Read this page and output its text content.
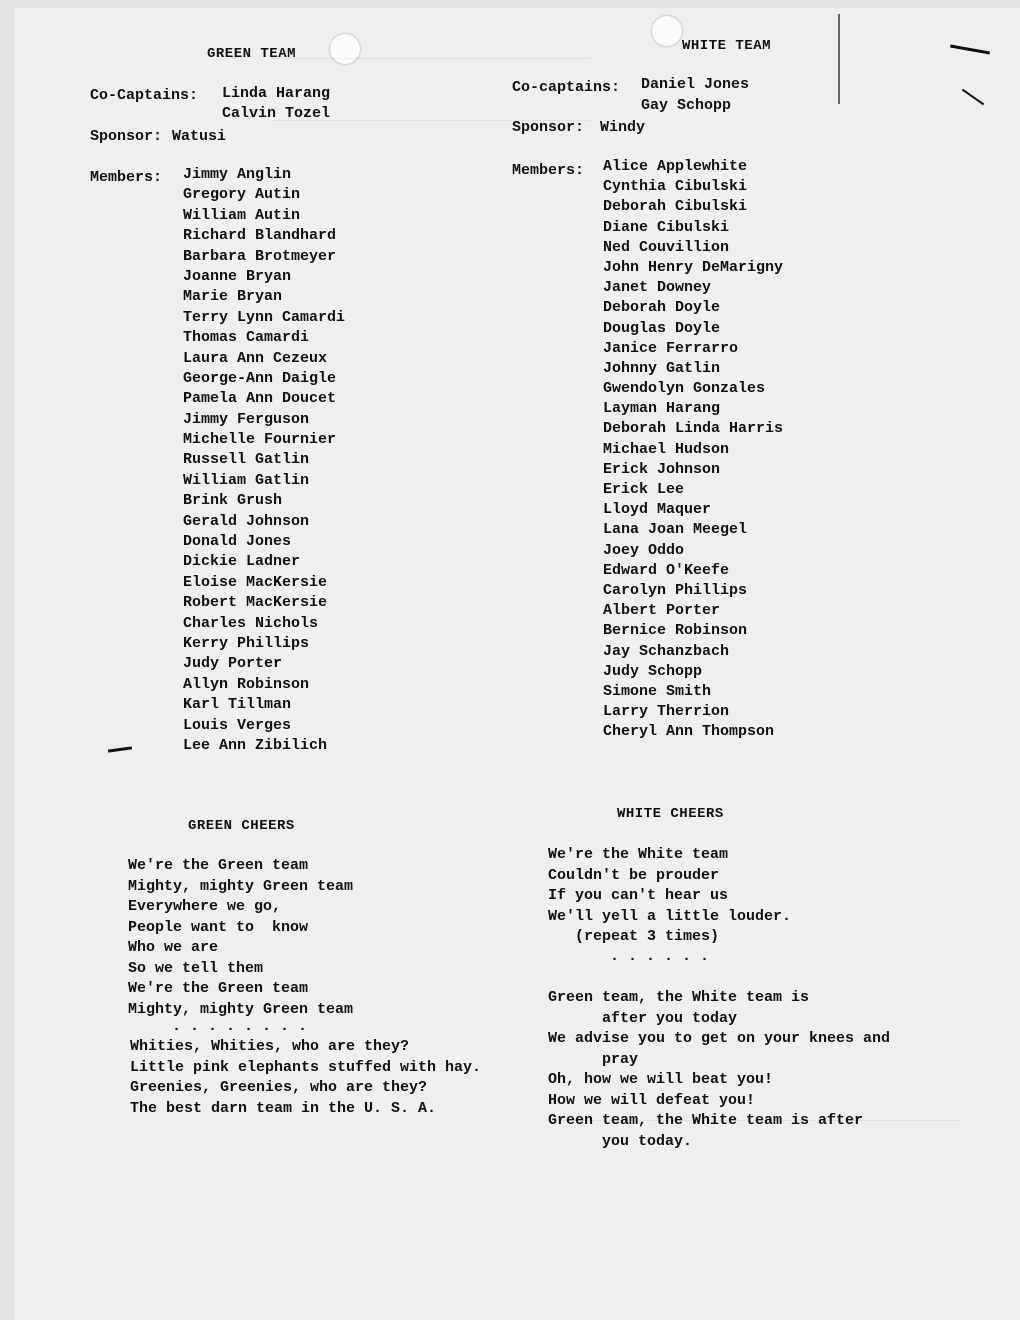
GREEN TEAM
Co-Captains: Linda Harang
Calvin Tozel
Sponsor: Watusi
Members: Jimmy Anglin
Gregory Autin
William Autin
Richard Blandhard
Barbara Brotmeyer
Joanne Bryan
Marie Bryan
Terry Lynn Camardi
Thomas Camardi
Laura Ann Cezeux
George-Ann Daigle
Pamela Ann Doucet
Jimmy Ferguson
Michelle Fournier
Russell Gatlin
William Gatlin
Brink Grush
Gerald Johnson
Donald Jones
Dickie Ladner
Eloise MacKersie
Robert MacKersie
Charles Nichols
Kerry Phillips
Judy Porter
Allyn Robinson
Karl Tillman
Louis Verges
Lee Ann Zibilich
WHITE TEAM
Co-captains: Daniel Jones
Gay Schopp
Sponsor: Windy
Members: Alice Applewhite
Cynthia Cibulski
Deborah Cibulski
Diane Cibulski
Ned Couvillion
John Henry DeMarigny
Janet Downey
Deborah Doyle
Douglas Doyle
Janice Ferrarro
Johnny Gatlin
Gwendolyn Gonzales
Layman Harang
Deborah Linda Harris
Michael Hudson
Erick Johnson
Erick Lee
Lloyd Maquer
Lana Joan Meegel
Joey Oddo
Edward O'Keefe
Carolyn Phillips
Albert Porter
Bernice Robinson
Jay Schanzbach
Judy Schopp
Simone Smith
Larry Therrion
Cheryl Ann Thompson
GREEN CHEERS
We're the Green team
Mighty, mighty Green team
Everywhere we go,
People want to  know
Who we are
So we tell them
We're the Green team
Mighty, mighty Green team
. . . . . . . .
Whities, Whities, who are they?
Little pink elephants stuffed with hay.
Greenies, Greenies, who are they?
The best darn team in the U. S. A.
WHITE CHEERS
We're the White team
Couldn't be prouder
If you can't hear us
We'll yell a little louder.
(repeat 3 times)
. . . . . .
Green team, the White team is
after you today
We advise you to get on your knees and
pray
Oh, how we will beat you!
How we will defeat you!
Green team, the White team is after
you today.
